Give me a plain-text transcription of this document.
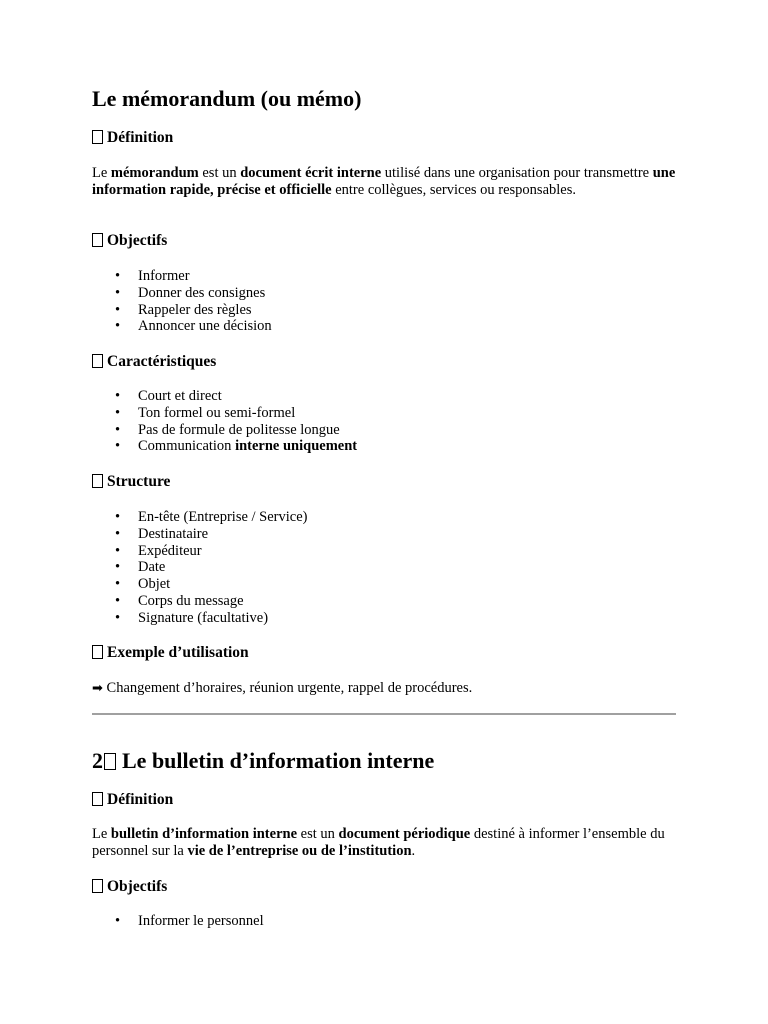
Le mémorandum (ou mémo)
Définition

Le mémorandum est un document écrit interne utilisé dans une organisation pour transmettre une information rapide, précise et officielle entre collègues, services ou responsables.

Objectifs
• Informer
• Donner des consignes
• Rappeler des règles
• Annoncer une décision
Caractéristiques
• Court et direct
• Ton formel ou semi-formel
• Pas de formule de politesse longue
• Communication interne uniquement
Structure
• En-tête (Entreprise / Service)
• Destinataire
• Expéditeur
• Date
• Objet
• Corps du message
• Signature (facultative)
Exemple d’utilisation

➡ Changement d’horaires, réunion urgente, rappel de procédures.

2 Le bulletin d’information interne
Définition

Le bulletin d’information interne est un document périodique destiné à informer l’ensemble du personnel sur la vie de l’entreprise ou de l’institution.

Objectifs
• Informer le personnel
